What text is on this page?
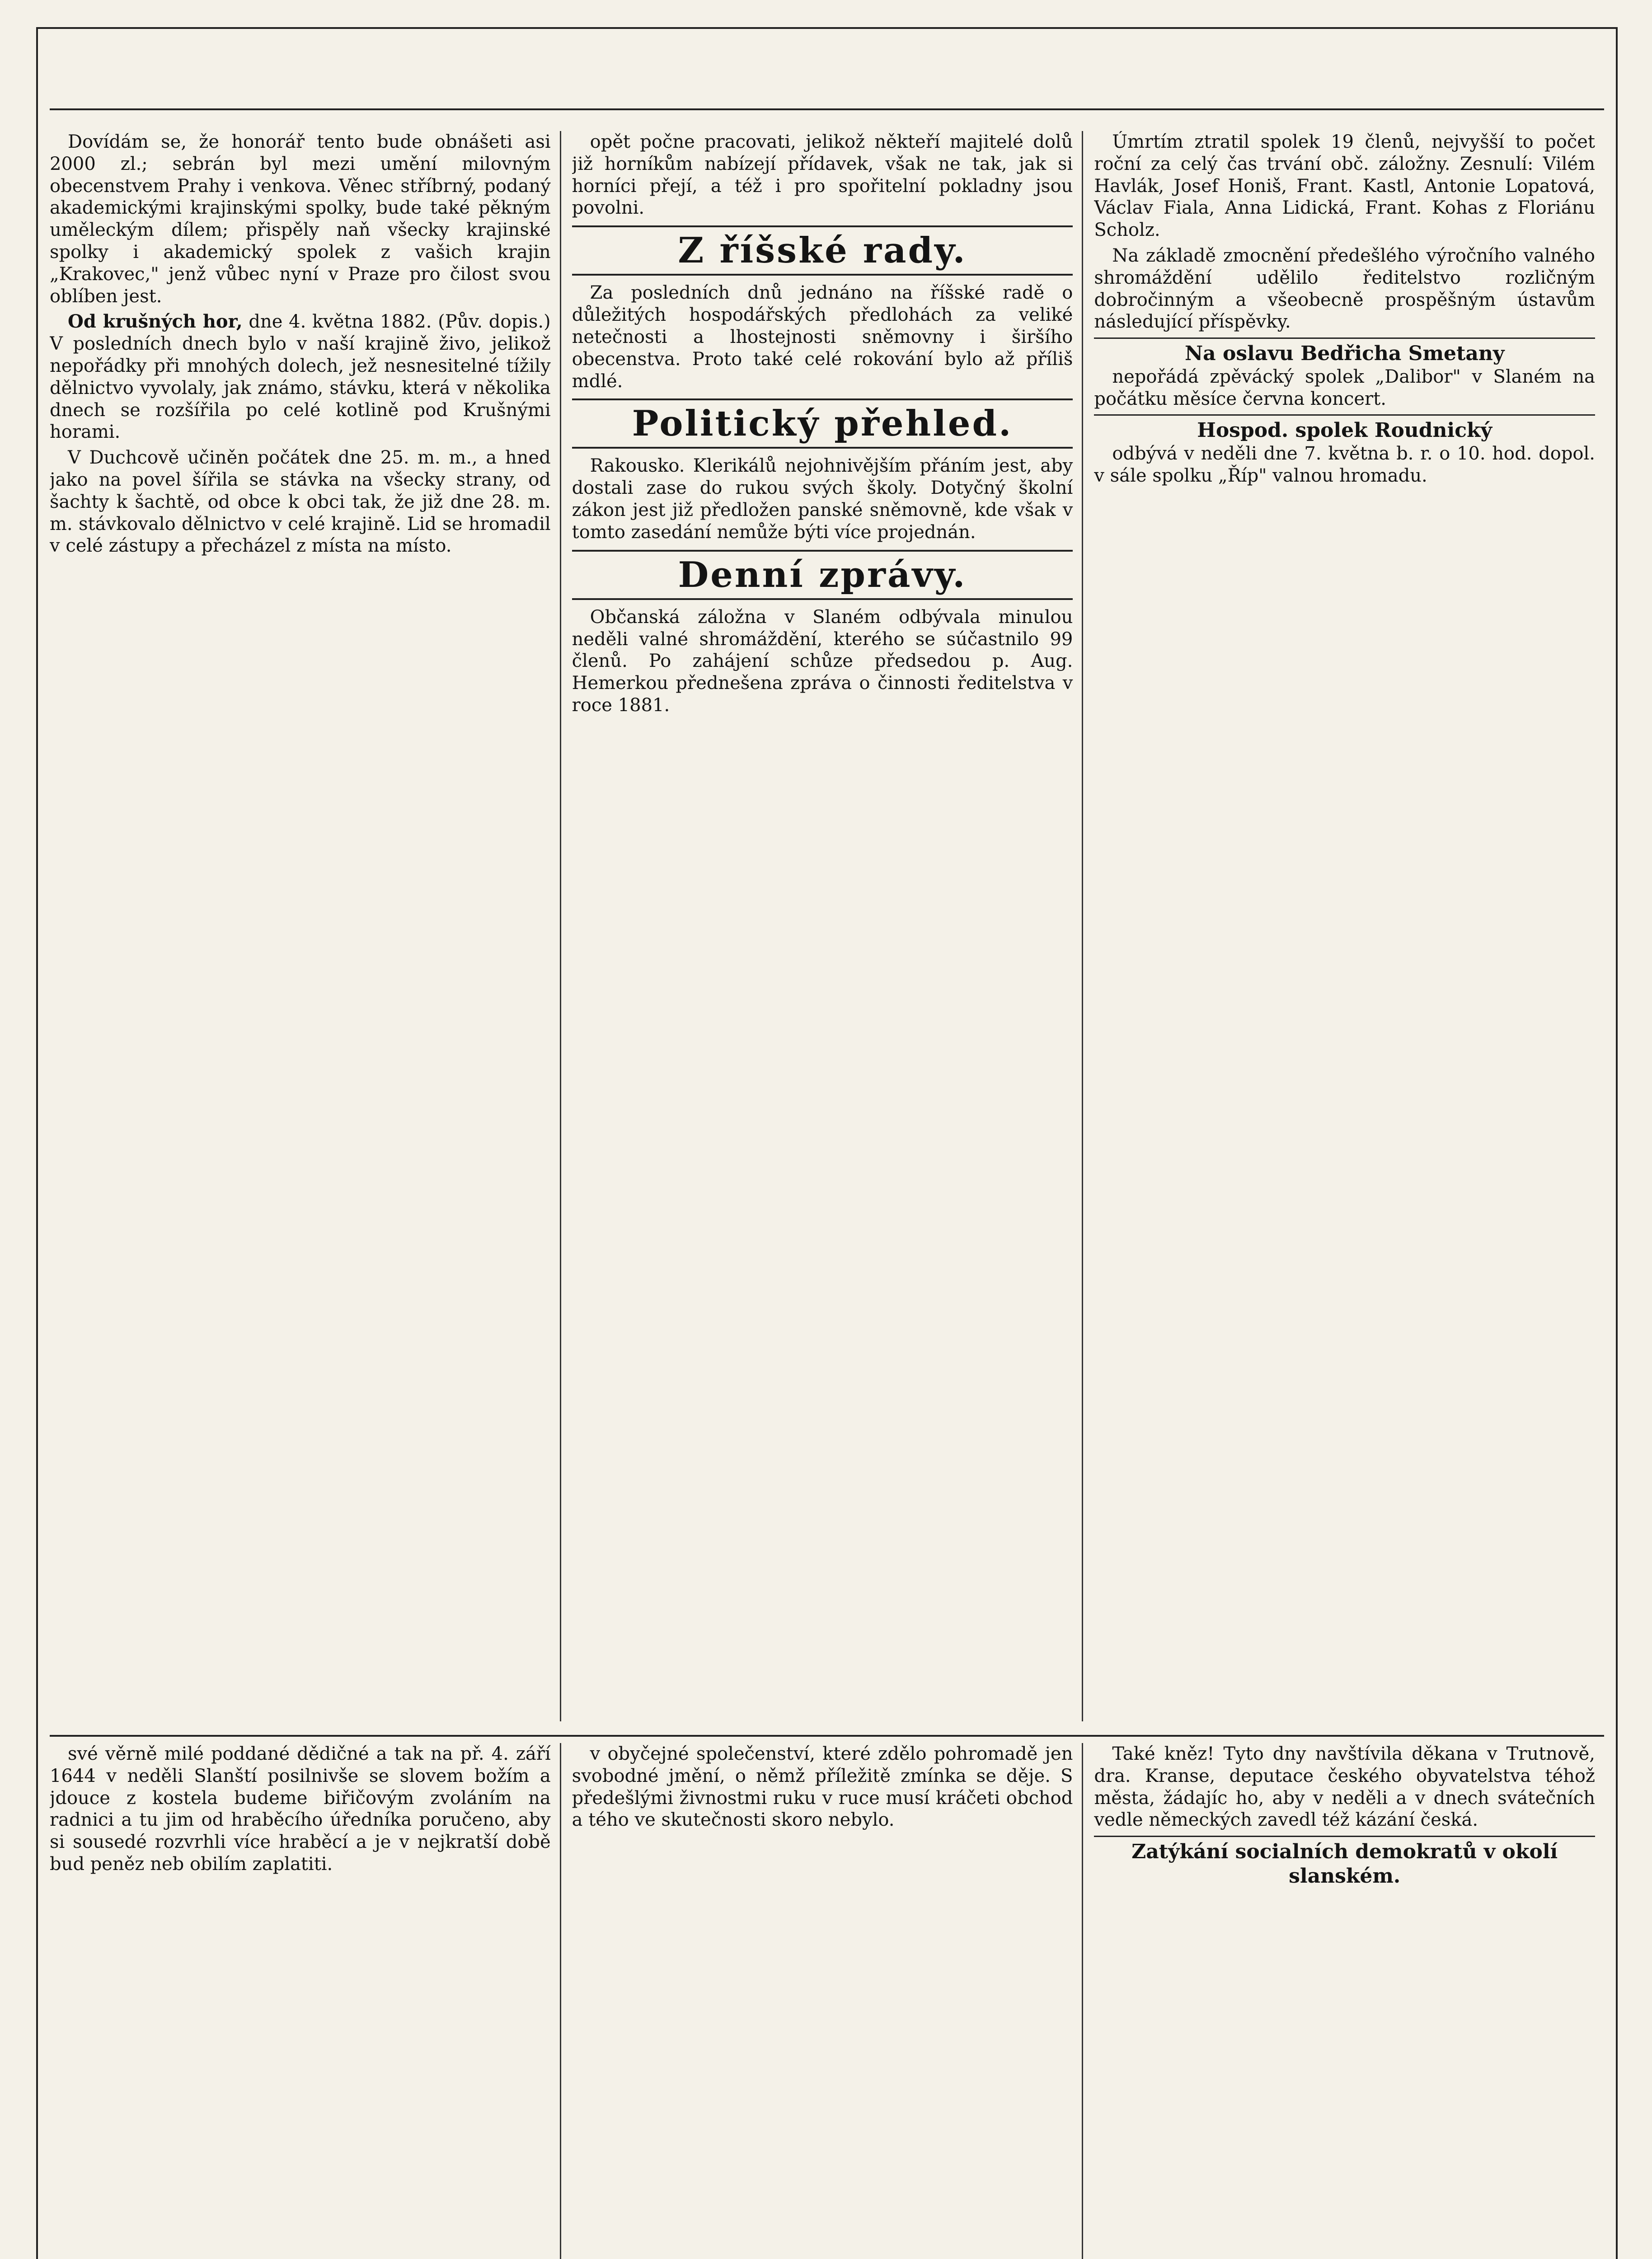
Dovídám se, že honorář tento bude obnášeti asi 2000 zl.; sebrán byl mezi umění milovným obecenstvem Prahy i venkova. Věnec stříbrný, podaný akademickými krajinskými spolky, bude také pěkným uměleckým dílem; přispěly naň všecky krajinské spolky i akademický spolek z vašich krajin „Krakovec," jenž vůbec nyní v Praze pro čilost svou oblíben jest.

Od krušných hor, dne 4. května 1882. (Pův. dopis.) V posledních dnech bylo v naší krajině živo, jelikož nepořádky při mnohých dolech, jež nesnesitelné tížily dělnictvo vyvolaly, jak známo, stávku, která v několika dnech se rozšířila po celé kotlině pod Krušnými horami.

V Duchcově učiněn počátek dne 25. m. m., a hned jako na povel šířila se stávka na všecky strany, od šachty k šachtě, od obce k obci tak, že již dne 28. m. m. stávkovalo dělnictvo v celé krajině. Lid se hromadil v celé zástupy a přecházel z místa na místo.

opět počne pracovati, jelikož někteří majitelé dolů již horníkům nabízejí přídavek, však ne tak, jak si horníci přejí, a též i pro spořitelní pokladny jsou povolni.

Z říšské rady.

Za posledních dnů jednáno na říšské radě o důležitých hospodářských předlohách za veliké netečnosti a lhostejnosti sněmovny i širšího obecenstva. Proto také celé rokování bylo až příliš mdlé.

Politický přehled.

Rakousko. Klerikálů nejohnivějším přáním jest, aby dostali zase do rukou svých školy. Dotyčný školní zákon jest již předložen panské sněmovně, kde však v tomto zasedání nemůže býti více projednán.

Denní zprávy.

Občanská záložna v Slaném odbývala minulou neděli valné shromáždění, kterého se súčastnilo 99 členů. Po zahájení schůze předsedou p. Aug. Hemerkou přednešena zpráva o činnosti ředitelstva v roce 1881.

Úmrtím ztratil spolek 19 členů, nejvyšší to počet roční za celý čas trvání obč. záložny. Zesnulí: Vilém Havlák, Josef Honiš, Frant. Kastl, Antonie Lopatová, Václav Fiala, Anna Lidická, Frant. Kohas z Floriánu Scholz.

Na základě zmocnění předešlého výročního valného shromáždění udělilo ředitelstvo rozličným dobročinným a všeobecně prospěšným ústavům následující příspěvky.

Na oslavu Bedřicha Smetany

nepořádá zpěvácký spolek „Dalibor" v Slaném na počátku měsíce června koncert.

Hospod. spolek Roudnický

odbývá v neděli dne 7. května b. r. o 10. hod. dopol. v sále spolku „Říp" valnou hromadu.

své věrně milé poddané dědičné a tak na př. 4. září 1644 v neděli Slanští posilnivše se slovem božím a jdouce z kostela budeme biřičovým zvoláním na radnici a tu jim od hraběcího úředníka poručeno, aby si sousedé rozvrhli více hraběcí a je v nejkratší době bud peněz neb obilím zaplatiti.

v obyčejné společenství, které zdělo pohromadě jen svobodné jmění, o němž příležitě zmínka se děje. S předešlými živnostmi ruku v ruce musí kráčeti obchod a tého ve skutečnosti skoro nebylo.

Také kněz! Tyto dny navštívila děkana v Trutnově, dra. Kranse, deputace českého obyvatelstva téhož města, žádajíc ho, aby v neděli a v dnech svátečních vedle německých zavedl též kázání česká.

Zatýkání socialních demokratů v okolí slanském.
